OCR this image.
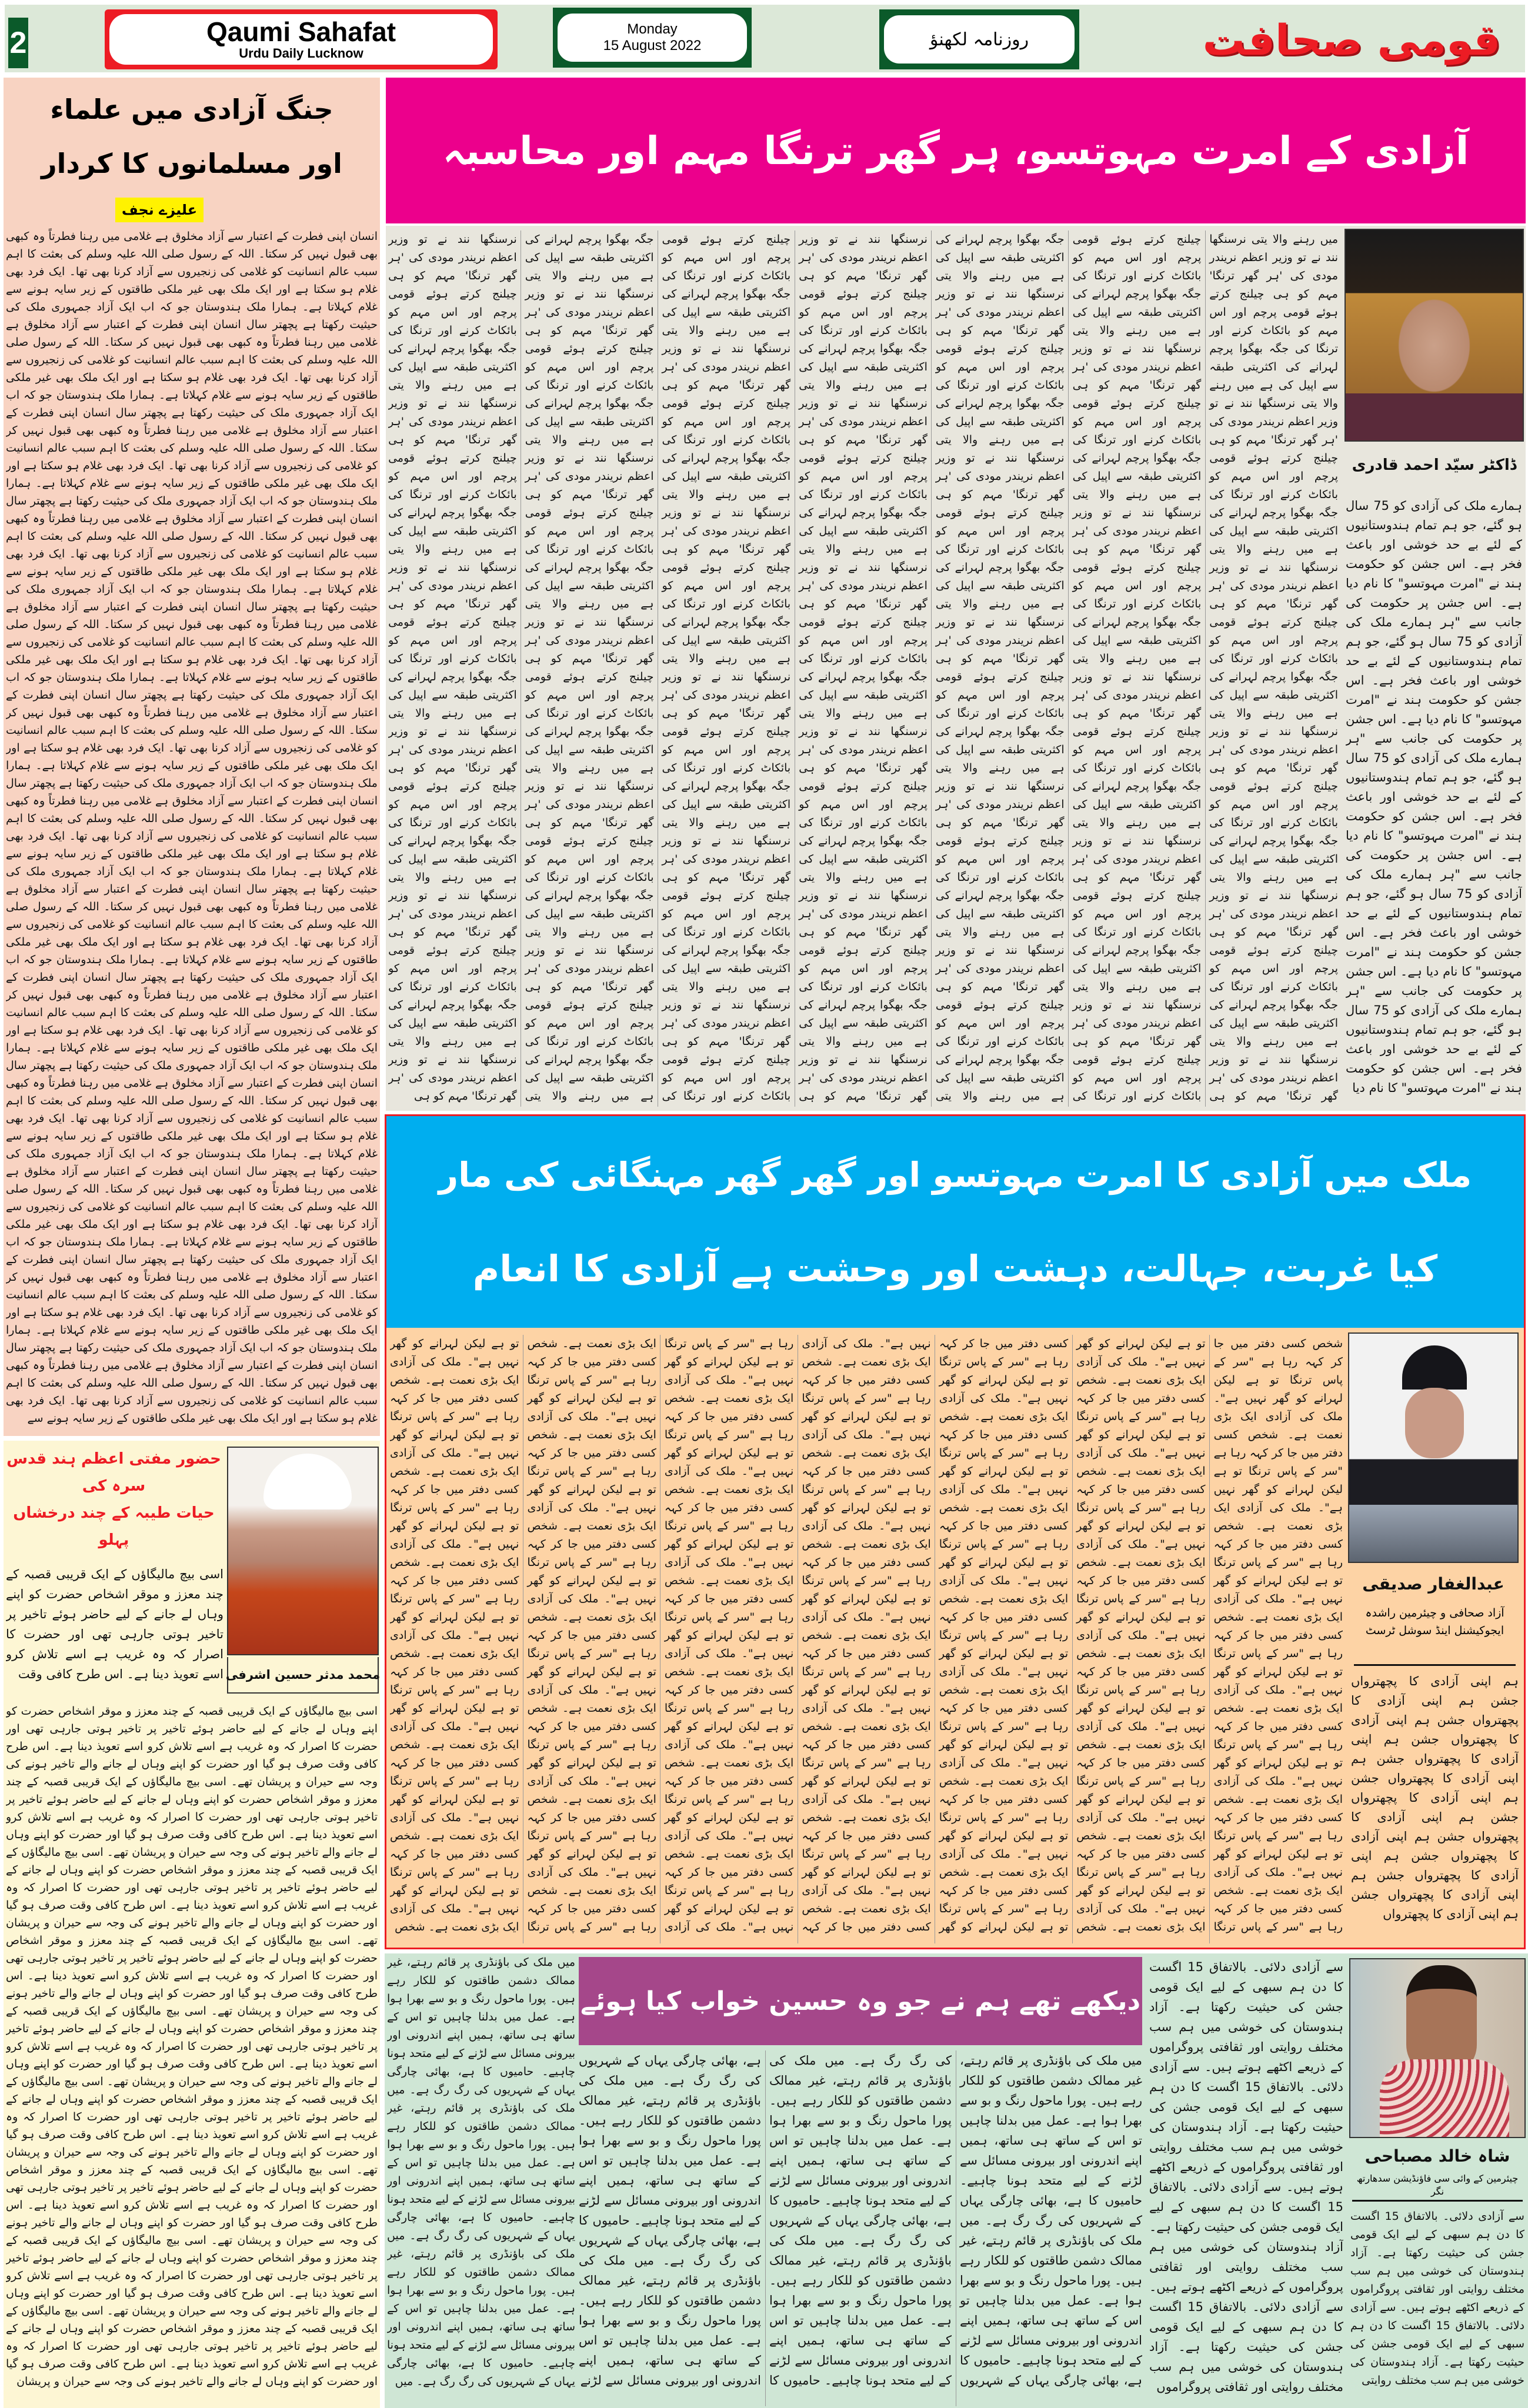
2	Qaumi Sahafat
Urdu Daily Lucknow
Monday
15 August 2022	روزنامہ لکھنؤ	قومی صحافت
جنگ آزادی میں علماء
اور مسلمانوں کا کردار
علیزے نجف
انسان اپنی فطرت کے اعتبار سے آزاد مخلوق ہے غلامی میں رہنا فطرتاً وہ کبھی بھی قبول نہیں کر سکتا۔ اللہ کے رسول صلی اللہ علیہ وسلم کی بعثت کا اہم سبب عالم انسانیت کو غلامی کی زنجیروں سے آزاد کرنا بھی تھا۔ ایک فرد بھی غلام ہو سکتا ہے اور ایک ملک بھی غیر ملکی طاقتوں کے زیر سایہ ہونے سے غلام کہلاتا ہے۔ ہمارا ملک ہندوستان جو کہ اب ایک آزاد جمہوری ملک کی حیثیت رکھتا ہے پچھتر سال انسان اپنی فطرت کے اعتبار سے آزاد مخلوق ہے غلامی میں رہنا فطرتاً وہ کبھی بھی قبول نہیں کر سکتا۔ اللہ کے رسول صلی اللہ علیہ وسلم کی بعثت کا اہم سبب عالم انسانیت کو غلامی کی زنجیروں سے آزاد کرنا بھی تھا۔ ایک فرد بھی غلام ہو سکتا ہے اور ایک ملک بھی غیر ملکی طاقتوں کے زیر سایہ ہونے سے غلام کہلاتا ہے۔ ہمارا ملک ہندوستان جو کہ اب ایک آزاد جمہوری ملک کی حیثیت رکھتا ہے پچھتر سال انسان اپنی فطرت کے اعتبار سے آزاد مخلوق ہے غلامی میں رہنا فطرتاً وہ کبھی بھی قبول نہیں کر سکتا۔ اللہ کے رسول صلی اللہ علیہ وسلم کی بعثت کا اہم سبب عالم انسانیت کو غلامی کی زنجیروں سے آزاد کرنا بھی تھا۔ ایک فرد بھی غلام ہو سکتا ہے اور ایک ملک بھی غیر ملکی طاقتوں کے زیر سایہ ہونے سے غلام کہلاتا ہے۔ ہمارا ملک ہندوستان جو کہ اب ایک آزاد جمہوری ملک کی حیثیت رکھتا ہے پچھتر سال انسان اپنی فطرت کے اعتبار سے آزاد مخلوق ہے غلامی میں رہنا فطرتاً وہ کبھی بھی قبول نہیں کر سکتا۔ اللہ کے رسول صلی اللہ علیہ وسلم کی بعثت کا اہم سبب عالم انسانیت کو غلامی کی زنجیروں سے آزاد کرنا بھی تھا۔ ایک فرد بھی غلام ہو سکتا ہے اور ایک ملک بھی غیر ملکی طاقتوں کے زیر سایہ ہونے سے غلام کہلاتا ہے۔ ہمارا ملک ہندوستان جو کہ اب ایک آزاد جمہوری ملک کی حیثیت رکھتا ہے پچھتر سال انسان اپنی فطرت کے اعتبار سے آزاد مخلوق ہے غلامی میں رہنا فطرتاً وہ کبھی بھی قبول نہیں کر سکتا۔ اللہ کے رسول صلی اللہ علیہ وسلم کی بعثت کا اہم سبب عالم انسانیت کو غلامی کی زنجیروں سے آزاد کرنا بھی تھا۔ ایک فرد بھی غلام ہو سکتا ہے اور ایک ملک بھی غیر ملکی طاقتوں کے زیر سایہ ہونے سے غلام کہلاتا ہے۔ ہمارا ملک ہندوستان جو کہ اب ایک آزاد جمہوری ملک کی حیثیت رکھتا ہے پچھتر سال انسان اپنی فطرت کے اعتبار سے آزاد مخلوق ہے غلامی میں رہنا فطرتاً وہ کبھی بھی قبول نہیں کر سکتا۔ اللہ کے رسول صلی اللہ علیہ وسلم کی بعثت کا اہم سبب عالم انسانیت کو غلامی کی زنجیروں سے آزاد کرنا بھی تھا۔ ایک فرد بھی غلام ہو سکتا ہے اور ایک ملک بھی غیر ملکی طاقتوں کے زیر سایہ ہونے سے غلام کہلاتا ہے۔ ہمارا ملک ہندوستان جو کہ اب ایک آزاد جمہوری ملک کی حیثیت رکھتا ہے پچھتر سال انسان اپنی فطرت کے اعتبار سے آزاد مخلوق ہے غلامی میں رہنا فطرتاً وہ کبھی بھی قبول نہیں کر سکتا۔ اللہ کے رسول صلی اللہ علیہ وسلم کی بعثت کا اہم سبب عالم انسانیت کو غلامی کی زنجیروں سے آزاد کرنا بھی تھا۔ ایک فرد بھی غلام ہو سکتا ہے اور ایک ملک بھی غیر ملکی طاقتوں کے زیر سایہ ہونے سے غلام کہلاتا ہے۔ ہمارا ملک ہندوستان جو کہ اب ایک آزاد جمہوری ملک کی حیثیت رکھتا ہے پچھتر سال انسان اپنی فطرت کے اعتبار سے آزاد مخلوق ہے غلامی میں رہنا فطرتاً وہ کبھی بھی قبول نہیں کر سکتا۔ اللہ کے رسول صلی اللہ علیہ وسلم کی بعثت کا اہم سبب عالم انسانیت کو غلامی کی زنجیروں سے آزاد کرنا بھی تھا۔ ایک فرد بھی غلام ہو سکتا ہے اور ایک ملک بھی غیر ملکی طاقتوں کے زیر سایہ ہونے سے غلام کہلاتا ہے۔ ہمارا ملک ہندوستان جو کہ اب ایک آزاد جمہوری ملک کی حیثیت رکھتا ہے پچھتر سال انسان اپنی فطرت کے اعتبار سے آزاد مخلوق ہے غلامی میں رہنا فطرتاً وہ کبھی بھی قبول نہیں کر سکتا۔ اللہ کے رسول صلی اللہ علیہ وسلم کی بعثت کا اہم سبب عالم انسانیت کو غلامی کی زنجیروں سے آزاد کرنا بھی تھا۔ ایک فرد بھی غلام ہو سکتا ہے اور ایک ملک بھی غیر ملکی طاقتوں کے زیر سایہ ہونے سے غلام کہلاتا ہے۔ ہمارا ملک ہندوستان جو کہ اب ایک آزاد جمہوری ملک کی حیثیت رکھتا ہے پچھتر سال انسان اپنی فطرت کے اعتبار سے آزاد مخلوق ہے غلامی میں رہنا فطرتاً وہ کبھی بھی قبول نہیں کر سکتا۔ اللہ کے رسول صلی اللہ علیہ وسلم کی بعثت کا اہم سبب عالم انسانیت کو غلامی کی زنجیروں سے آزاد کرنا بھی تھا۔ ایک فرد بھی غلام ہو سکتا ہے اور ایک ملک بھی غیر ملکی طاقتوں کے زیر سایہ ہونے سے غلام کہلاتا ہے۔ ہمارا ملک ہندوستان جو کہ اب ایک آزاد جمہوری ملک کی حیثیت رکھتا ہے پچھتر سال انسان اپنی فطرت کے اعتبار سے آزاد مخلوق ہے غلامی میں رہنا فطرتاً وہ کبھی بھی قبول نہیں کر سکتا۔ اللہ کے رسول صلی اللہ علیہ وسلم کی بعثت کا اہم سبب عالم انسانیت کو غلامی کی زنجیروں سے آزاد کرنا بھی تھا۔ ایک فرد بھی غلام ہو سکتا ہے اور ایک ملک بھی غیر ملکی طاقتوں کے زیر سایہ ہونے سے غلام کہلاتا ہے۔ ہمارا ملک ہندوستان جو کہ اب ایک آزاد جمہوری ملک کی حیثیت رکھتا ہے پچھتر سال انسان اپنی فطرت کے اعتبار سے آزاد مخلوق ہے غلامی میں رہنا فطرتاً وہ کبھی بھی قبول نہیں کر سکتا۔ اللہ کے رسول صلی اللہ علیہ وسلم کی بعثت کا اہم سبب عالم انسانیت کو غلامی کی زنجیروں سے آزاد کرنا بھی تھا۔ ایک فرد بھی غلام ہو سکتا ہے اور ایک ملک بھی غیر ملکی طاقتوں کے زیر سایہ ہونے سے غلام کہلاتا ہے۔ ہمارا ملک ہندوستان جو کہ اب ایک آزاد جمہوری ملک کی حیثیت رکھتا ہے پچھتر سال انسان اپنی فطرت کے اعتبار سے آزاد مخلوق ہے غلامی میں رہنا فطرتاً وہ کبھی بھی قبول نہیں کر سکتا۔ اللہ کے رسول صلی اللہ علیہ وسلم کی بعثت کا اہم سبب عالم انسانیت کو غلامی کی زنجیروں سے آزاد کرنا بھی تھا۔ ایک فرد بھی غلام ہو سکتا ہے اور ایک ملک بھی غیر ملکی طاقتوں کے زیر سایہ ہونے سے
حضور مفتی اعظم ہند قدس سرہ کی
حیات طیبہ کے چند درخشاں پہلو
محمد مدثر حسین اشرفی
اسی بیچ مالیگاؤں کے ایک قریبی قصبہ کے چند معزز و موقر اشخاص حضرت کو اپنے وہاں لے جانے کے لیے حاضر ہوئے تاخیر پر تاخیر ہوتی جارہی تھی اور حضرت کا اصرار کہ وہ غریب ہے اسے تلاش کرو اسے تعویذ دینا ہے۔ اس طرح کافی وقت
اسی بیچ مالیگاؤں کے ایک قریبی قصبہ کے چند معزز و موقر اشخاص حضرت کو اپنے وہاں لے جانے کے لیے حاضر ہوئے تاخیر پر تاخیر ہوتی جارہی تھی اور حضرت کا اصرار کہ وہ غریب ہے اسے تلاش کرو اسے تعویذ دینا ہے۔ اس طرح کافی وقت صرف ہو گیا اور حضرت کو اپنے وہاں لے جانے والے تاخیر ہونے کی وجہ سے حیران و پریشان تھے۔ اسی بیچ مالیگاؤں کے ایک قریبی قصبہ کے چند معزز و موقر اشخاص حضرت کو اپنے وہاں لے جانے کے لیے حاضر ہوئے تاخیر پر تاخیر ہوتی جارہی تھی اور حضرت کا اصرار کہ وہ غریب ہے اسے تلاش کرو اسے تعویذ دینا ہے۔ اس طرح کافی وقت صرف ہو گیا اور حضرت کو اپنے وہاں لے جانے والے تاخیر ہونے کی وجہ سے حیران و پریشان تھے۔ اسی بیچ مالیگاؤں کے ایک قریبی قصبہ کے چند معزز و موقر اشخاص حضرت کو اپنے وہاں لے جانے کے لیے حاضر ہوئے تاخیر پر تاخیر ہوتی جارہی تھی اور حضرت کا اصرار کہ وہ غریب ہے اسے تلاش کرو اسے تعویذ دینا ہے۔ اس طرح کافی وقت صرف ہو گیا اور حضرت کو اپنے وہاں لے جانے والے تاخیر ہونے کی وجہ سے حیران و پریشان تھے۔ اسی بیچ مالیگاؤں کے ایک قریبی قصبہ کے چند معزز و موقر اشخاص حضرت کو اپنے وہاں لے جانے کے لیے حاضر ہوئے تاخیر پر تاخیر ہوتی جارہی تھی اور حضرت کا اصرار کہ وہ غریب ہے اسے تلاش کرو اسے تعویذ دینا ہے۔ اس طرح کافی وقت صرف ہو گیا اور حضرت کو اپنے وہاں لے جانے والے تاخیر ہونے کی وجہ سے حیران و پریشان تھے۔ اسی بیچ مالیگاؤں کے ایک قریبی قصبہ کے چند معزز و موقر اشخاص حضرت کو اپنے وہاں لے جانے کے لیے حاضر ہوئے تاخیر پر تاخیر ہوتی جارہی تھی اور حضرت کا اصرار کہ وہ غریب ہے اسے تلاش کرو اسے تعویذ دینا ہے۔ اس طرح کافی وقت صرف ہو گیا اور حضرت کو اپنے وہاں لے جانے والے تاخیر ہونے کی وجہ سے حیران و پریشان تھے۔ اسی بیچ مالیگاؤں کے ایک قریبی قصبہ کے چند معزز و موقر اشخاص حضرت کو اپنے وہاں لے جانے کے لیے حاضر ہوئے تاخیر پر تاخیر ہوتی جارہی تھی اور حضرت کا اصرار کہ وہ غریب ہے اسے تلاش کرو اسے تعویذ دینا ہے۔ اس طرح کافی وقت صرف ہو گیا اور حضرت کو اپنے وہاں لے جانے والے تاخیر ہونے کی وجہ سے حیران و پریشان تھے۔ اسی بیچ مالیگاؤں کے ایک قریبی قصبہ کے چند معزز و موقر اشخاص حضرت کو اپنے وہاں لے جانے کے لیے حاضر ہوئے تاخیر پر تاخیر ہوتی جارہی تھی اور حضرت کا اصرار کہ وہ غریب ہے اسے تلاش کرو اسے تعویذ دینا ہے۔ اس طرح کافی وقت صرف ہو گیا اور حضرت کو اپنے وہاں لے جانے والے تاخیر ہونے کی وجہ سے حیران و پریشان تھے۔ اسی بیچ مالیگاؤں کے ایک قریبی قصبہ کے چند معزز و موقر اشخاص حضرت کو اپنے وہاں لے جانے کے لیے حاضر ہوئے تاخیر پر تاخیر ہوتی جارہی تھی اور حضرت کا اصرار کہ وہ غریب ہے اسے تلاش کرو اسے تعویذ دینا ہے۔ اس طرح کافی وقت صرف ہو گیا اور حضرت کو اپنے وہاں لے جانے والے تاخیر ہونے کی وجہ سے حیران و پریشان تھے۔ اسی بیچ مالیگاؤں کے ایک قریبی قصبہ کے چند معزز و موقر اشخاص حضرت کو اپنے وہاں لے جانے کے لیے حاضر ہوئے تاخیر پر تاخیر ہوتی جارہی تھی اور حضرت کا اصرار کہ وہ غریب ہے اسے تلاش کرو اسے تعویذ دینا ہے۔ اس طرح کافی وقت صرف ہو گیا اور حضرت کو اپنے وہاں لے جانے والے تاخیر ہونے کی وجہ سے حیران و پریشان
آزادی کے امرت مہوتسو، ہر گھر ترنگا مہم اور محاسبہ
میں رہنے والا یتی نرسنگھا نند نے تو وزیر اعظم نریندر مودی کی 'ہر گھر ترنگا' مہم کو ہی چیلنج کرتے ہوئے قومی پرچم اور اس مہم کو بائکاٹ کرنے اور ترنگا کی جگہ بھگوا پرچم لہرانے کی اکثریتی طبقہ سے اپیل کی ہے میں رہنے والا یتی نرسنگھا نند نے تو وزیر اعظم نریندر مودی کی 'ہر گھر ترنگا' مہم کو ہی چیلنج کرتے ہوئے قومی پرچم اور اس مہم کو بائکاٹ کرنے اور ترنگا کی جگہ بھگوا پرچم لہرانے کی اکثریتی طبقہ سے اپیل کی ہے میں رہنے والا یتی نرسنگھا نند نے تو وزیر اعظم نریندر مودی کی 'ہر گھر ترنگا' مہم کو ہی چیلنج کرتے ہوئے قومی پرچم اور اس مہم کو بائکاٹ کرنے اور ترنگا کی جگہ بھگوا پرچم لہرانے کی اکثریتی طبقہ سے اپیل کی ہے میں رہنے والا یتی نرسنگھا نند نے تو وزیر اعظم نریندر مودی کی 'ہر گھر ترنگا' مہم کو ہی چیلنج کرتے ہوئے قومی پرچم اور اس مہم کو بائکاٹ کرنے اور ترنگا کی جگہ بھگوا پرچم لہرانے کی اکثریتی طبقہ سے اپیل کی ہے میں رہنے والا یتی نرسنگھا نند نے تو وزیر اعظم نریندر مودی کی 'ہر گھر ترنگا' مہم کو ہی چیلنج کرتے ہوئے قومی پرچم اور اس مہم کو بائکاٹ کرنے اور ترنگا کی جگہ بھگوا پرچم لہرانے کی اکثریتی طبقہ سے اپیل کی ہے میں رہنے والا یتی نرسنگھا نند نے تو وزیر اعظم نریندر مودی کی 'ہر گھر ترنگا' مہم کو ہی چیلنج کرتے ہوئے قومی پرچم اور اس مہم کو بائکاٹ کرنے اور ترنگا کی جگہ بھگوا پرچم لہرانے کی اکثریتی طبقہ سے اپیل کی ہے میں رہنے والا یتی نرسنگھا نند نے تو وزیر اعظم نریندر مودی کی 'ہر گھر ترنگا' مہم کو ہی چیلنج کرتے ہوئے قومی پرچم اور اس مہم کو بائکاٹ کرنے اور ترنگا کی جگہ بھگوا پرچم لہرانے کی اکثریتی طبقہ سے اپیل کی ہے میں رہنے والا یتی نرسنگھا نند نے تو وزیر اعظم نریندر مودی کی 'ہر گھر ترنگا' مہم کو ہی چیلنج کرتے ہوئے قومی پرچم اور اس مہم کو بائکاٹ کرنے اور ترنگا کی جگہ بھگوا پرچم لہرانے کی اکثریتی طبقہ سے اپیل کی ہے میں رہنے والا یتی نرسنگھا نند نے تو وزیر اعظم نریندر مودی کی 'ہر گھر ترنگا' مہم کو ہی چیلنج کرتے ہوئے قومی پرچم اور اس مہم کو بائکاٹ کرنے اور ترنگا کی جگہ بھگوا پرچم لہرانے کی اکثریتی طبقہ سے اپیل کی ہے میں رہنے والا یتی نرسنگھا نند نے تو وزیر اعظم نریندر مودی کی 'ہر گھر ترنگا' مہم کو ہی چیلنج کرتے ہوئے قومی پرچم اور اس مہم کو بائکاٹ کرنے اور ترنگا کی جگہ بھگوا پرچم لہرانے کی اکثریتی طبقہ سے اپیل کی ہے میں رہنے والا یتی نرسنگھا نند نے تو وزیر اعظم نریندر مودی کی 'ہر گھر ترنگا' مہم کو ہی چیلنج کرتے ہوئے قومی پرچم اور اس مہم کو بائکاٹ کرنے اور ترنگا کی جگہ بھگوا پرچم لہرانے کی اکثریتی طبقہ سے اپیل کی ہے میں رہنے والا یتی نرسنگھا نند نے تو وزیر اعظم نریندر مودی کی 'ہر گھر ترنگا' مہم کو ہی چیلنج کرتے ہوئے قومی پرچم اور اس مہم کو بائکاٹ کرنے اور ترنگا کی جگہ بھگوا پرچم لہرانے کی اکثریتی طبقہ سے اپیل کی ہے میں رہنے والا یتی نرسنگھا نند نے تو وزیر اعظم نریندر مودی کی 'ہر گھر ترنگا' مہم کو ہی چیلنج کرتے ہوئے قومی پرچم اور اس مہم کو بائکاٹ کرنے اور ترنگا کی جگہ بھگوا پرچم لہرانے کی اکثریتی طبقہ سے اپیل کی ہے میں رہنے والا یتی نرسنگھا نند نے تو وزیر اعظم نریندر مودی کی 'ہر گھر ترنگا' مہم کو ہی چیلنج کرتے ہوئے قومی پرچم اور اس مہم کو بائکاٹ کرنے اور ترنگا کی جگہ بھگوا پرچم لہرانے کی اکثریتی طبقہ سے اپیل کی ہے میں رہنے والا یتی نرسنگھا نند نے تو وزیر اعظم نریندر مودی کی 'ہر گھر ترنگا' مہم کو ہی چیلنج کرتے ہوئے قومی پرچم اور اس مہم کو بائکاٹ کرنے اور ترنگا کی جگہ بھگوا پرچم لہرانے کی اکثریتی طبقہ سے اپیل کی ہے میں رہنے والا یتی نرسنگھا نند نے تو وزیر اعظم نریندر مودی کی 'ہر گھر ترنگا' مہم کو ہی چیلنج کرتے ہوئے قومی پرچم اور اس مہم کو بائکاٹ کرنے اور ترنگا کی جگہ بھگوا پرچم لہرانے کی اکثریتی طبقہ سے اپیل کی ہے میں رہنے والا یتی نرسنگھا نند نے تو وزیر اعظم نریندر مودی کی 'ہر گھر ترنگا' مہم کو ہی چیلنج کرتے ہوئے قومی پرچم اور اس مہم کو بائکاٹ کرنے اور ترنگا کی جگہ بھگوا پرچم لہرانے کی اکثریتی طبقہ سے اپیل کی ہے میں رہنے والا یتی نرسنگھا نند نے تو وزیر اعظم نریندر مودی کی 'ہر گھر ترنگا' مہم کو ہی چیلنج کرتے ہوئے قومی پرچم اور اس مہم کو بائکاٹ کرنے اور ترنگا کی جگہ بھگوا پرچم لہرانے کی اکثریتی طبقہ سے اپیل کی ہے میں رہنے والا یتی نرسنگھا نند نے تو وزیر اعظم نریندر مودی کی 'ہر گھر ترنگا' مہم کو ہی چیلنج کرتے ہوئے قومی پرچم اور اس مہم کو بائکاٹ کرنے اور ترنگا کی جگہ بھگوا پرچم لہرانے کی اکثریتی طبقہ سے اپیل کی ہے میں رہنے والا یتی نرسنگھا نند نے تو وزیر اعظم نریندر مودی کی 'ہر گھر ترنگا' مہم کو ہی چیلنج کرتے ہوئے قومی پرچم اور اس مہم کو بائکاٹ کرنے اور ترنگا کی جگہ بھگوا پرچم لہرانے کی اکثریتی طبقہ سے اپیل کی ہے میں رہنے والا یتی نرسنگھا نند نے تو وزیر اعظم نریندر مودی کی 'ہر گھر ترنگا' مہم کو ہی چیلنج کرتے ہوئے قومی پرچم اور اس مہم کو بائکاٹ کرنے اور ترنگا کی جگہ بھگوا پرچم لہرانے کی اکثریتی طبقہ سے اپیل کی ہے میں رہنے والا یتی نرسنگھا نند نے تو وزیر اعظم نریندر مودی کی 'ہر گھر ترنگا' مہم کو ہی چیلنج کرتے ہوئے قومی پرچم اور اس مہم کو بائکاٹ کرنے اور ترنگا کی جگہ بھگوا پرچم لہرانے کی اکثریتی طبقہ سے اپیل کی ہے میں رہنے والا یتی نرسنگھا نند نے تو وزیر اعظم نریندر مودی کی 'ہر گھر ترنگا' مہم کو ہی چیلنج کرتے ہوئے قومی پرچم اور اس مہم کو بائکاٹ کرنے اور ترنگا کی جگہ بھگوا پرچم لہرانے کی اکثریتی طبقہ سے اپیل کی ہے میں رہنے والا یتی نرسنگھا نند نے تو وزیر اعظم نریندر مودی کی 'ہر گھر ترنگا' مہم کو ہی چیلنج کرتے ہوئے قومی پرچم اور اس مہم کو بائکاٹ کرنے اور ترنگا کی جگہ بھگوا پرچم لہرانے کی اکثریتی طبقہ سے اپیل کی ہے میں رہنے والا یتی نرسنگھا نند نے تو وزیر اعظم نریندر مودی کی 'ہر گھر ترنگا' مہم کو ہی چیلنج کرتے ہوئے قومی پرچم اور اس مہم کو بائکاٹ کرنے اور ترنگا کی جگہ بھگوا پرچم لہرانے کی اکثریتی طبقہ سے اپیل کی ہے میں رہنے والا یتی نرسنگھا نند نے تو وزیر اعظم نریندر مودی کی 'ہر گھر ترنگا' مہم کو ہی چیلنج کرتے ہوئے قومی پرچم اور اس مہم کو بائکاٹ کرنے اور ترنگا کی جگہ بھگوا پرچم لہرانے کی اکثریتی طبقہ سے اپیل کی ہے میں رہنے والا یتی نرسنگھا نند نے تو وزیر اعظم نریندر مودی کی 'ہر گھر ترنگا' مہم کو ہی چیلنج کرتے ہوئے قومی پرچم اور اس مہم کو بائکاٹ کرنے اور ترنگا کی جگہ بھگوا پرچم لہرانے کی اکثریتی طبقہ سے اپیل کی ہے میں رہنے والا یتی نرسنگھا نند نے تو وزیر اعظم نریندر مودی کی 'ہر گھر ترنگا' مہم کو ہی چیلنج کرتے ہوئے قومی پرچم اور اس مہم کو بائکاٹ کرنے اور ترنگا کی جگہ بھگوا پرچم لہرانے کی اکثریتی طبقہ سے اپیل کی ہے میں رہنے والا یتی نرسنگھا نند نے تو وزیر اعظم نریندر مودی کی 'ہر گھر ترنگا' مہم کو ہی چیلنج کرتے ہوئے قومی پرچم اور اس مہم کو بائکاٹ کرنے اور ترنگا کی جگہ بھگوا پرچم لہرانے کی اکثریتی طبقہ سے اپیل کی ہے میں رہنے والا یتی نرسنگھا نند نے تو وزیر اعظم نریندر مودی کی 'ہر گھر ترنگا' مہم کو ہی چیلنج کرتے ہوئے قومی پرچم اور اس مہم کو بائکاٹ کرنے اور ترنگا کی جگہ بھگوا پرچم لہرانے کی اکثریتی طبقہ سے اپیل کی ہے میں رہنے والا یتی نرسنگھا نند نے تو وزیر اعظم نریندر مودی کی 'ہر گھر ترنگا' مہم کو ہی چیلنج کرتے ہوئے قومی پرچم اور اس مہم کو بائکاٹ کرنے اور ترنگا کی جگہ بھگوا پرچم لہرانے کی اکثریتی طبقہ سے اپیل کی ہے میں رہنے والا یتی نرسنگھا نند نے تو وزیر اعظم نریندر مودی کی 'ہر گھر ترنگا' مہم کو ہی چیلنج کرتے ہوئے قومی پرچم اور اس مہم کو بائکاٹ کرنے اور ترنگا کی جگہ بھگوا پرچم لہرانے کی اکثریتی طبقہ سے اپیل کی ہے میں رہنے والا یتی نرسنگھا نند نے تو وزیر اعظم نریندر مودی کی 'ہر گھر ترنگا' مہم کو ہی چیلنج کرتے ہوئے قومی پرچم اور اس مہم کو بائکاٹ کرنے اور ترنگا کی جگہ بھگوا پرچم لہرانے کی اکثریتی طبقہ سے اپیل کی ہے میں رہنے والا یتی نرسنگھا نند نے تو وزیر اعظم نریندر مودی کی 'ہر گھر ترنگا' مہم کو ہی چیلنج کرتے ہوئے قومی پرچم اور اس مہم کو بائکاٹ کرنے اور ترنگا کی جگہ بھگوا پرچم لہرانے کی اکثریتی طبقہ سے اپیل کی ہے میں رہنے والا یتی نرسنگھا نند نے تو وزیر اعظم نریندر مودی کی 'ہر گھر ترنگا' مہم کو ہی چیلنج کرتے ہوئے قومی پرچم اور اس مہم کو بائکاٹ کرنے اور ترنگا کی جگہ بھگوا پرچم لہرانے کی اکثریتی طبقہ سے اپیل کی ہے میں رہنے والا یتی نرسنگھا نند نے تو وزیر اعظم نریندر مودی کی 'ہر گھر ترنگا' مہم کو ہی چیلنج کرتے ہوئے قومی پرچم اور اس مہم کو بائکاٹ کرنے اور ترنگا کی جگہ بھگوا پرچم لہرانے کی اکثریتی طبقہ سے اپیل کی ہے میں رہنے والا یتی نرسنگھا نند نے تو وزیر اعظم نریندر مودی کی 'ہر گھر ترنگا' مہم کو ہی چیلنج کرتے ہوئے قومی پرچم اور اس مہم کو بائکاٹ کرنے اور ترنگا کی جگہ بھگوا پرچم لہرانے کی اکثریتی طبقہ سے اپیل کی ہے میں رہنے والا یتی نرسنگھا نند نے تو وزیر اعظم نریندر مودی کی 'ہر گھر ترنگا' مہم کو ہی
ڈاکٹر سیّد احمد قادری
ہمارے ملک کی آزادی کو 75 سال ہو گئے، جو ہم تمام ہندوستانیوں کے لئے بے حد خوشی اور باعث فخر ہے۔ اس جشن کو حکومت ہند نے "امرت مہوتسو" کا نام دیا ہے۔ اس جشن پر حکومت کی جانب سے "ہر ہمارے ملک کی آزادی کو 75 سال ہو گئے، جو ہم تمام ہندوستانیوں کے لئے بے حد خوشی اور باعث فخر ہے۔ اس جشن کو حکومت ہند نے "امرت مہوتسو" کا نام دیا ہے۔ اس جشن پر حکومت کی جانب سے "ہر ہمارے ملک کی آزادی کو 75 سال ہو گئے، جو ہم تمام ہندوستانیوں کے لئے بے حد خوشی اور باعث فخر ہے۔ اس جشن کو حکومت ہند نے "امرت مہوتسو" کا نام دیا ہے۔ اس جشن پر حکومت کی جانب سے "ہر ہمارے ملک کی آزادی کو 75 سال ہو گئے، جو ہم تمام ہندوستانیوں کے لئے بے حد خوشی اور باعث فخر ہے۔ اس جشن کو حکومت ہند نے "امرت مہوتسو" کا نام دیا ہے۔ اس جشن پر حکومت کی جانب سے "ہر ہمارے ملک کی آزادی کو 75 سال ہو گئے، جو ہم تمام ہندوستانیوں کے لئے بے حد خوشی اور باعث فخر ہے۔ اس جشن کو حکومت ہند نے "امرت مہوتسو" کا نام دیا
ملک میں آزادی کا امرت مہوتسو اور گھر گھر مہنگائی کی مار
کیا غربت، جہالت، دہشت اور وحشت ہے آزادی کا انعام
شخص کسی دفتر میں جا کر کہہ رہا ہے "سر کے پاس ترنگا تو ہے لیکن لہرانے کو گھر نہیں ہے"۔ ملک کی آزادی ایک بڑی نعمت ہے۔ شخص کسی دفتر میں جا کر کہہ رہا ہے "سر کے پاس ترنگا تو ہے لیکن لہرانے کو گھر نہیں ہے"۔ ملک کی آزادی ایک بڑی نعمت ہے۔ شخص کسی دفتر میں جا کر کہہ رہا ہے "سر کے پاس ترنگا تو ہے لیکن لہرانے کو گھر نہیں ہے"۔ ملک کی آزادی ایک بڑی نعمت ہے۔ شخص کسی دفتر میں جا کر کہہ رہا ہے "سر کے پاس ترنگا تو ہے لیکن لہرانے کو گھر نہیں ہے"۔ ملک کی آزادی ایک بڑی نعمت ہے۔ شخص کسی دفتر میں جا کر کہہ رہا ہے "سر کے پاس ترنگا تو ہے لیکن لہرانے کو گھر نہیں ہے"۔ ملک کی آزادی ایک بڑی نعمت ہے۔ شخص کسی دفتر میں جا کر کہہ رہا ہے "سر کے پاس ترنگا تو ہے لیکن لہرانے کو گھر نہیں ہے"۔ ملک کی آزادی ایک بڑی نعمت ہے۔ شخص کسی دفتر میں جا کر کہہ رہا ہے "سر کے پاس ترنگا تو ہے لیکن لہرانے کو گھر نہیں ہے"۔ ملک کی آزادی ایک بڑی نعمت ہے۔ شخص کسی دفتر میں جا کر کہہ رہا ہے "سر کے پاس ترنگا تو ہے لیکن لہرانے کو گھر نہیں ہے"۔ ملک کی آزادی ایک بڑی نعمت ہے۔ شخص کسی دفتر میں جا کر کہہ رہا ہے "سر کے پاس ترنگا تو ہے لیکن لہرانے کو گھر نہیں ہے"۔ ملک کی آزادی ایک بڑی نعمت ہے۔ شخص کسی دفتر میں جا کر کہہ رہا ہے "سر کے پاس ترنگا تو ہے لیکن لہرانے کو گھر نہیں ہے"۔ ملک کی آزادی ایک بڑی نعمت ہے۔ شخص کسی دفتر میں جا کر کہہ رہا ہے "سر کے پاس ترنگا تو ہے لیکن لہرانے کو گھر نہیں ہے"۔ ملک کی آزادی ایک بڑی نعمت ہے۔ شخص کسی دفتر میں جا کر کہہ رہا ہے "سر کے پاس ترنگا تو ہے لیکن لہرانے کو گھر نہیں ہے"۔ ملک کی آزادی ایک بڑی نعمت ہے۔ شخص کسی دفتر میں جا کر کہہ رہا ہے "سر کے پاس ترنگا تو ہے لیکن لہرانے کو گھر نہیں ہے"۔ ملک کی آزادی ایک بڑی نعمت ہے۔ شخص کسی دفتر میں جا کر کہہ رہا ہے "سر کے پاس ترنگا تو ہے لیکن لہرانے کو گھر نہیں ہے"۔ ملک کی آزادی ایک بڑی نعمت ہے۔ شخص کسی دفتر میں جا کر کہہ رہا ہے "سر کے پاس ترنگا تو ہے لیکن لہرانے کو گھر نہیں ہے"۔ ملک کی آزادی ایک بڑی نعمت ہے۔ شخص کسی دفتر میں جا کر کہہ رہا ہے "سر کے پاس ترنگا تو ہے لیکن لہرانے کو گھر نہیں ہے"۔ ملک کی آزادی ایک بڑی نعمت ہے۔ شخص کسی دفتر میں جا کر کہہ رہا ہے "سر کے پاس ترنگا تو ہے لیکن لہرانے کو گھر نہیں ہے"۔ ملک کی آزادی ایک بڑی نعمت ہے۔ شخص کسی دفتر میں جا کر کہہ رہا ہے "سر کے پاس ترنگا تو ہے لیکن لہرانے کو گھر نہیں ہے"۔ ملک کی آزادی ایک بڑی نعمت ہے۔ شخص کسی دفتر میں جا کر کہہ رہا ہے "سر کے پاس ترنگا تو ہے لیکن لہرانے کو گھر نہیں ہے"۔ ملک کی آزادی ایک بڑی نعمت ہے۔ شخص کسی دفتر میں جا کر کہہ رہا ہے "سر کے پاس ترنگا تو ہے لیکن لہرانے کو گھر نہیں ہے"۔ ملک کی آزادی ایک بڑی نعمت ہے۔ شخص کسی دفتر میں جا کر کہہ رہا ہے "سر کے پاس ترنگا تو ہے لیکن لہرانے کو گھر نہیں ہے"۔ ملک کی آزادی ایک بڑی نعمت ہے۔ شخص کسی دفتر میں جا کر کہہ رہا ہے "سر کے پاس ترنگا تو ہے لیکن لہرانے کو گھر نہیں ہے"۔ ملک کی آزادی ایک بڑی نعمت ہے۔ شخص کسی دفتر میں جا کر کہہ رہا ہے "سر کے پاس ترنگا تو ہے لیکن لہرانے کو گھر نہیں ہے"۔ ملک کی آزادی ایک بڑی نعمت ہے۔ شخص کسی دفتر میں جا کر کہہ رہا ہے "سر کے پاس ترنگا تو ہے لیکن لہرانے کو گھر نہیں ہے"۔ ملک کی آزادی ایک بڑی نعمت ہے۔ شخص کسی دفتر میں جا کر کہہ رہا ہے "سر کے پاس ترنگا تو ہے لیکن لہرانے کو گھر نہیں ہے"۔ ملک کی آزادی ایک بڑی نعمت ہے۔ شخص کسی دفتر میں جا کر کہہ رہا ہے "سر کے پاس ترنگا تو ہے لیکن لہرانے کو گھر نہیں ہے"۔ ملک کی آزادی ایک بڑی نعمت ہے۔ شخص کسی دفتر میں جا کر کہہ رہا ہے "سر کے پاس ترنگا تو ہے لیکن لہرانے کو گھر نہیں ہے"۔ ملک کی آزادی ایک بڑی نعمت ہے۔ شخص کسی دفتر میں جا کر کہہ رہا ہے "سر کے پاس ترنگا تو ہے لیکن لہرانے کو گھر نہیں ہے"۔ ملک کی آزادی ایک بڑی نعمت ہے۔ شخص کسی دفتر میں جا کر کہہ رہا ہے "سر کے پاس ترنگا تو ہے لیکن لہرانے کو گھر نہیں ہے"۔ ملک کی آزادی ایک بڑی نعمت ہے۔ شخص کسی دفتر میں جا کر کہہ رہا ہے "سر کے پاس ترنگا تو ہے لیکن لہرانے کو گھر نہیں ہے"۔ ملک کی آزادی ایک بڑی نعمت ہے۔ شخص کسی دفتر میں جا کر کہہ رہا ہے "سر کے پاس ترنگا تو ہے لیکن لہرانے کو گھر نہیں ہے"۔ ملک کی آزادی ایک بڑی نعمت ہے۔ شخص کسی دفتر میں جا کر کہہ رہا ہے "سر کے پاس ترنگا تو ہے لیکن لہرانے کو گھر نہیں ہے"۔ ملک کی آزادی ایک بڑی نعمت ہے۔ شخص کسی دفتر میں جا کر کہہ رہا ہے "سر کے پاس ترنگا تو ہے لیکن لہرانے کو گھر نہیں ہے"۔ ملک کی آزادی ایک بڑی نعمت ہے۔ شخص کسی دفتر میں جا کر کہہ رہا ہے "سر کے پاس ترنگا تو ہے لیکن لہرانے کو گھر نہیں ہے"۔ ملک کی آزادی ایک بڑی نعمت ہے۔ شخص کسی دفتر میں جا کر کہہ رہا ہے "سر کے پاس ترنگا تو ہے لیکن لہرانے کو گھر نہیں ہے"۔ ملک کی آزادی ایک بڑی نعمت ہے۔ شخص کسی دفتر میں جا کر کہہ رہا ہے "سر کے پاس ترنگا تو ہے لیکن لہرانے کو گھر نہیں ہے"۔ ملک کی آزادی ایک بڑی نعمت ہے۔ شخص کسی دفتر میں جا کر کہہ رہا ہے "سر کے پاس ترنگا تو ہے لیکن لہرانے کو گھر نہیں ہے"۔ ملک کی آزادی ایک بڑی نعمت ہے۔ شخص کسی دفتر میں جا کر کہہ رہا ہے "سر کے پاس ترنگا تو ہے لیکن لہرانے کو گھر نہیں ہے"۔ ملک کی آزادی ایک بڑی نعمت ہے۔ شخص کسی دفتر میں جا کر کہہ رہا ہے "سر کے پاس ترنگا تو ہے لیکن لہرانے کو گھر نہیں ہے"۔ ملک کی آزادی ایک بڑی نعمت ہے۔ شخص کسی دفتر میں جا کر کہہ رہا ہے "سر کے پاس ترنگا تو ہے لیکن لہرانے کو گھر نہیں ہے"۔ ملک کی آزادی ایک بڑی نعمت ہے۔ شخص کسی دفتر میں جا کر کہہ رہا ہے "سر کے پاس ترنگا تو ہے لیکن لہرانے کو گھر نہیں ہے"۔ ملک کی آزادی ایک بڑی نعمت ہے۔ شخص کسی دفتر میں جا کر کہہ رہا ہے "سر کے پاس ترنگا تو ہے لیکن لہرانے کو گھر نہیں ہے"۔ ملک کی آزادی ایک بڑی نعمت ہے۔ شخص کسی دفتر میں جا کر کہہ رہا ہے "سر کے پاس ترنگا تو ہے لیکن لہرانے کو گھر نہیں ہے"۔ ملک کی آزادی ایک بڑی نعمت ہے۔ شخص کسی دفتر میں جا کر کہہ رہا ہے "سر کے پاس ترنگا تو ہے لیکن لہرانے کو گھر نہیں ہے"۔ ملک کی آزادی ایک بڑی نعمت ہے۔ شخص کسی دفتر میں جا کر کہہ رہا ہے "سر کے پاس ترنگا تو ہے لیکن لہرانے کو گھر نہیں ہے"۔ ملک کی آزادی ایک بڑی نعمت ہے۔ شخص کسی دفتر میں جا کر کہہ رہا ہے "سر کے پاس ترنگا تو ہے لیکن لہرانے کو گھر نہیں ہے"۔ ملک کی آزادی ایک بڑی نعمت ہے۔ شخص
عبدالغفار صدیقی
آزاد صحافی و چیئرمین راشدہ ایجوکیشنل اینڈ سوشل ٹرسٹ
ہم اپنی آزادی کا پچھترواں جشن ہم اپنی آزادی کا پچھترواں جشن ہم اپنی آزادی کا پچھترواں جشن ہم اپنی آزادی کا پچھترواں جشن ہم اپنی آزادی کا پچھترواں جشن ہم اپنی آزادی کا پچھترواں جشن ہم اپنی آزادی کا پچھترواں جشن ہم اپنی آزادی کا پچھترواں جشن ہم اپنی آزادی کا پچھترواں جشن ہم اپنی آزادی کا پچھترواں جشن ہم اپنی آزادی کا پچھترواں
میں ملک کی باؤنڈری پر قائم رہتے، غیر ممالک دشمن طاقتوں کو للکار رہے ہیں۔ پورا ماحول رنگ و بو سے بھرا ہوا ہے۔ عمل میں بدلنا چاہیں تو اس کے ساتھ ہی ساتھ، ہمیں اپنے اندرونی اور بیرونی مسائل سے لڑنے کے لیے متحد ہونا چاہیے۔ حامیوں کا ہے، بھائی چارگی یہاں کے شہریوں کی رگ رگ ہے۔ میں ملک کی باؤنڈری پر قائم رہتے، غیر ممالک دشمن طاقتوں کو للکار رہے ہیں۔ پورا ماحول رنگ و بو سے بھرا ہوا ہے۔ عمل میں بدلنا چاہیں تو اس کے ساتھ ہی ساتھ، ہمیں اپنے اندرونی اور بیرونی مسائل سے لڑنے کے لیے متحد ہونا چاہیے۔ حامیوں کا ہے، بھائی چارگی یہاں کے شہریوں کی رگ رگ ہے۔ میں ملک کی باؤنڈری پر قائم رہتے، غیر ممالک دشمن طاقتوں کو للکار رہے ہیں۔ پورا ماحول رنگ و بو سے بھرا ہوا ہے۔ عمل میں بدلنا چاہیں تو اس کے ساتھ ہی ساتھ، ہمیں اپنے اندرونی اور بیرونی مسائل سے لڑنے کے لیے متحد ہونا چاہیے۔ حامیوں کا ہے، بھائی چارگی یہاں کے شہریوں کی رگ رگ ہے۔ میں
دیکھے تھے ہم نے جو وہ حسین خواب کیا ہوئے
میں ملک کی باؤنڈری پر قائم رہتے، غیر ممالک دشمن طاقتوں کو للکار رہے ہیں۔ پورا ماحول رنگ و بو سے بھرا ہوا ہے۔ عمل میں بدلنا چاہیں تو اس کے ساتھ ہی ساتھ، ہمیں اپنے اندرونی اور بیرونی مسائل سے لڑنے کے لیے متحد ہونا چاہیے۔ حامیوں کا ہے، بھائی چارگی یہاں کے شہریوں کی رگ رگ ہے۔ میں ملک کی باؤنڈری پر قائم رہتے، غیر ممالک دشمن طاقتوں کو للکار رہے ہیں۔ پورا ماحول رنگ و بو سے بھرا ہوا ہے۔ عمل میں بدلنا چاہیں تو اس کے ساتھ ہی ساتھ، ہمیں اپنے اندرونی اور بیرونی مسائل سے لڑنے کے لیے متحد ہونا چاہیے۔ حامیوں کا ہے، بھائی چارگی یہاں کے شہریوں کی رگ رگ ہے۔ میں ملک کی باؤنڈری پر قائم رہتے، غیر ممالک دشمن طاقتوں کو للکار رہے ہیں۔ پورا ماحول رنگ و بو سے بھرا ہوا ہے۔ عمل میں بدلنا چاہیں تو اس کے ساتھ ہی ساتھ، ہمیں اپنے اندرونی اور بیرونی مسائل سے لڑنے کے لیے متحد ہونا چاہیے۔ حامیوں کا ہے، بھائی چارگی یہاں کے شہریوں کی رگ رگ ہے۔ میں ملک کی باؤنڈری پر قائم رہتے، غیر ممالک دشمن طاقتوں کو للکار رہے ہیں۔ پورا ماحول رنگ و بو سے بھرا ہوا ہے۔ عمل میں بدلنا چاہیں تو اس کے ساتھ ہی ساتھ، ہمیں اپنے اندرونی اور بیرونی مسائل سے لڑنے کے لیے متحد ہونا چاہیے۔ حامیوں کا ہے، بھائی چارگی یہاں کے شہریوں کی رگ رگ ہے۔ میں ملک کی باؤنڈری پر قائم رہتے، غیر ممالک دشمن طاقتوں کو للکار رہے ہیں۔ پورا ماحول رنگ و بو سے بھرا ہوا ہے۔ عمل میں بدلنا چاہیں تو اس کے ساتھ ہی ساتھ، ہمیں اپنے اندرونی اور بیرونی مسائل سے لڑنے کے لیے متحد ہونا چاہیے۔ حامیوں کا ہے، بھائی چارگی یہاں کے شہریوں کی رگ رگ ہے۔ میں ملک کی باؤنڈری پر قائم رہتے، غیر ممالک دشمن طاقتوں کو للکار رہے ہیں۔ پورا ماحول رنگ و بو سے بھرا ہوا ہے۔ عمل میں بدلنا چاہیں تو اس کے ساتھ ہی ساتھ، ہمیں اپنے اندرونی اور بیرونی مسائل سے لڑنے
سے آزادی دلائی۔ بالاتفاق 15 اگست کا دن ہم سبھی کے لیے ایک قومی جشن کی حیثیت رکھتا ہے۔ آزاد ہندوستان کی خوشی میں ہم سب مختلف روایتی اور ثقافتی پروگراموں کے ذریعے اکٹھے ہوتے ہیں۔ سے آزادی دلائی۔ بالاتفاق 15 اگست کا دن ہم سبھی کے لیے ایک قومی جشن کی حیثیت رکھتا ہے۔ آزاد ہندوستان کی خوشی میں ہم سب مختلف روایتی اور ثقافتی پروگراموں کے ذریعے اکٹھے ہوتے ہیں۔ سے آزادی دلائی۔ بالاتفاق 15 اگست کا دن ہم سبھی کے لیے ایک قومی جشن کی حیثیت رکھتا ہے۔ آزاد ہندوستان کی خوشی میں ہم سب مختلف روایتی اور ثقافتی پروگراموں کے ذریعے اکٹھے ہوتے ہیں۔ سے آزادی دلائی۔ بالاتفاق 15 اگست کا دن ہم سبھی کے لیے ایک قومی جشن کی حیثیت رکھتا ہے۔ آزاد ہندوستان کی خوشی میں ہم سب مختلف روایتی اور ثقافتی پروگراموں
شاہ خالد مصباحی
چیئرمین کے وائی سی فاؤنڈیشن سدھارتھ نگر
سے آزادی دلائی۔ بالاتفاق 15 اگست کا دن ہم سبھی کے لیے ایک قومی جشن کی حیثیت رکھتا ہے۔ آزاد ہندوستان کی خوشی میں ہم سب مختلف روایتی اور ثقافتی پروگراموں کے ذریعے اکٹھے ہوتے ہیں۔ سے آزادی دلائی۔ بالاتفاق 15 اگست کا دن ہم سبھی کے لیے ایک قومی جشن کی حیثیت رکھتا ہے۔ آزاد ہندوستان کی خوشی میں ہم سب مختلف روایتی
